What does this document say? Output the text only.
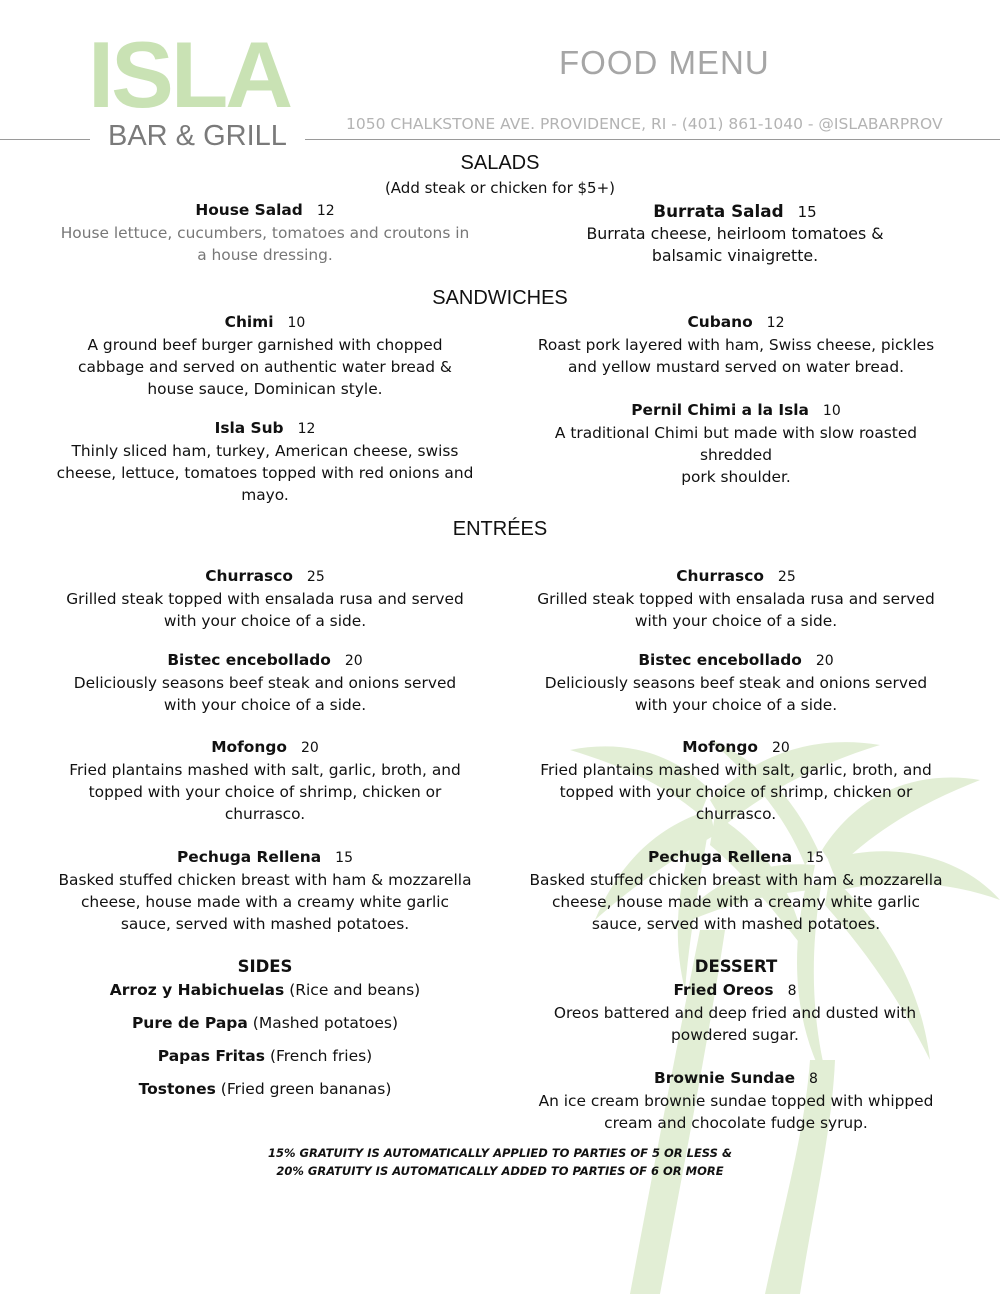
ISLA
BAR & GRILL
FOOD MENU
1050 CHALKSTONE AVE. PROVIDENCE, RI - (401) 861-1040 - @ISLABARPROV
SALADS
(Add steak or chicken for $5+)
House Salad 12
House lettuce, cucumbers, tomatoes and croutons in a house dressing.
Burrata Salad 15
Burrata cheese, heirloom tomatoes & balsamic vinaigrette.
SANDWICHES
Chimi 10
A ground beef burger garnished with chopped cabbage and served on authentic water bread & house sauce, Dominican style.
Cubano 12
Roast pork layered with ham, Swiss cheese, pickles and yellow mustard served on water bread.
Isla Sub 12
Thinly sliced ham, turkey, American cheese, swiss cheese, lettuce, tomatoes topped with red onions and mayo.
Pernil Chimi a la Isla 10
A traditional Chimi but made with slow roasted
shredded
pork shoulder.
ENTRÉES
Churrasco 25
Grilled steak topped with ensalada rusa and served with your choice of a side.
Bistec encebollado 20
Deliciously seasons beef steak and onions served with your choice of a side.
Mofongo 20
Fried plantains mashed with salt, garlic, broth, and topped with your choice of shrimp, chicken or churrasco.
Pechuga Rellena 15
Basked stuffed chicken breast with ham & mozzarella cheese, house made with a creamy white garlic sauce, served with mashed potatoes.
Churrasco 25
Grilled steak topped with ensalada rusa and served with your choice of a side.
Bistec encebollado 20
Deliciously seasons beef steak and onions served with your choice of a side.
Mofongo 20
Fried plantains mashed with salt, garlic, broth, and topped with your choice of shrimp, chicken or churrasco.
Pechuga Rellena 15
Basked stuffed chicken breast with ham & mozzarella cheese, house made with a creamy white garlic sauce, served with mashed potatoes.
SIDES
Arroz y Habichuelas (Rice and beans)
Pure de Papa (Mashed potatoes)
Papas Fritas (French fries)
Tostones (Fried green bananas)
DESSERT
Fried Oreos 8
Oreos battered and deep fried and dusted with powdered sugar.
Brownie Sundae 8
An ice cream brownie sundae topped with whipped cream and chocolate fudge syrup.
15% GRATUITY IS AUTOMATICALLY APPLIED TO PARTIES OF 5 OR LESS &
20% GRATUITY IS AUTOMATICALLY ADDED TO PARTIES OF 6 OR MORE
